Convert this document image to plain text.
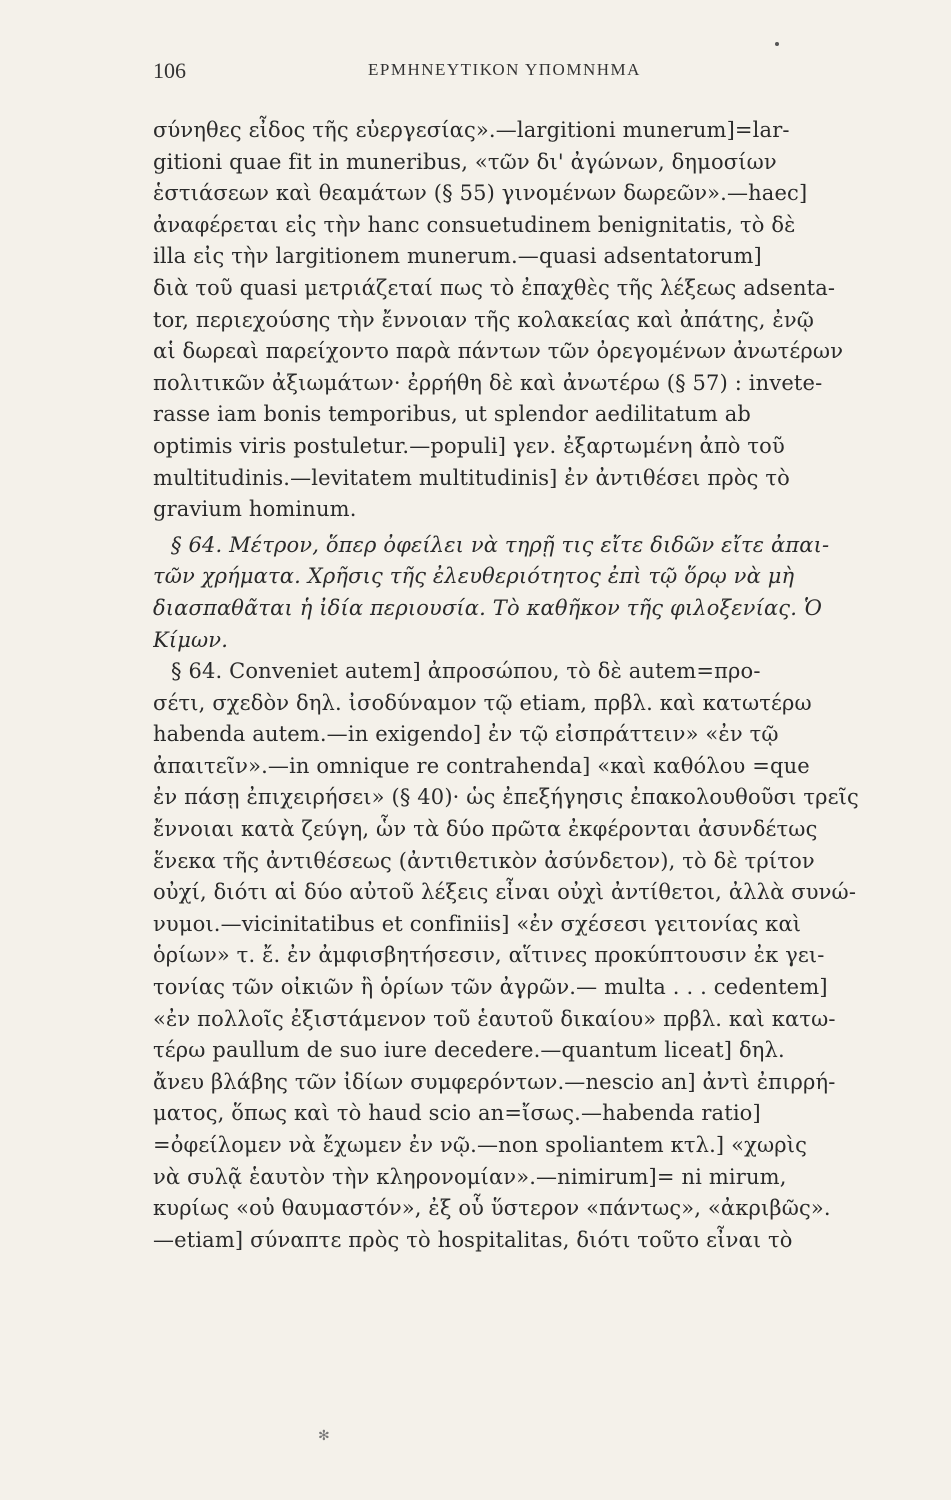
106	ΕΡΜΗΝΕΥΤΙΚΟΝ ΥΠΟΜΝΗΜΑ
σύνηθες εἶδος τῆς εὐεργεσίας».—largitioni munerum]=lar-
gitioni quae fit in muneribus, «τῶν δι' ἀγώνων, δημοσίων
ἑστιάσεων καὶ θεαμάτων (§ 55) γινομένων δωρεῶν».—haec]
ἀναφέρεται εἰς τὴν hanc consuetudinem benignitatis, τὸ δὲ
illa εἰς τὴν largitionem munerum.—quasi adsentatorum]
διὰ τοῦ quasi μετριάζεταί πως τὸ ἐπαχθὲς τῆς λέξεως adsenta-
tor, περιεχούσης τὴν ἔννοιαν τῆς κολακείας καὶ ἀπάτης, ἐνῷ
αἱ δωρεαὶ παρείχοντο παρὰ πάντων τῶν ὀρεγομένων ἀνωτέρων
πολιτικῶν ἀξιωμάτων· ἐρρήθη δὲ καὶ ἀνωτέρω (§ 57) : invete-
rasse iam bonis temporibus, ut splendor aedilitatum ab
optimis viris postuletur.—populi] γεν. ἐξαρτωμένη ἀπὸ τοῦ
multitudinis.—levitatem multitudinis] ἐν ἀντιθέσει πρὸς τὸ
gravium hominum.
§ 64. Μέτρον, ὅπερ ὀφείλει νὰ τηρῇ τις εἴτε διδῶν εἴτε ἀπαι-
τῶν χρήματα. Χρῆσις τῆς ἐλευθεριότητος ἐπὶ τῷ ὅρῳ νὰ μὴ
διασπαθᾶται ἡ ἰδία περιουσία. Τὸ καθῆκον τῆς φιλοξενίας. Ὁ
Κίμων.
§ 64. Conveniet autem] ἀπροσώπου, τὸ δὲ autem=προ-
σέτι, σχεδὸν δηλ. ἰσοδύναμον τῷ etiam, πρβλ. καὶ κατωτέρω
habenda autem.—in exigendo] ἐν τῷ εἰσπράττειν» «ἐν τῷ
ἀπαιτεῖν».—in omnique re contrahenda] «καὶ καθόλου =que
ἐν πάσῃ ἐπιχειρήσει» (§ 40)· ὡς ἐπεξήγησις ἐπακολουθοῦσι τρεῖς
ἔννοιαι κατὰ ζεύγη, ὧν τὰ δύο πρῶτα ἐκφέρονται ἀσυνδέτως
ἕνεκα τῆς ἀντιθέσεως (ἀντιθετικὸν ἀσύνδετον), τὸ δὲ τρίτον
οὐχί, διότι αἱ δύο αὐτοῦ λέξεις εἶναι οὐχὶ ἀντίθετοι, ἀλλὰ συνώ-
νυμοι.—vicinitatibus et confiniis] «ἐν σχέσεσι γειτονίας καὶ
ὁρίων» τ. ἔ. ἐν ἀμφισβητήσεσιν, αἵτινες προκύπτουσιν ἐκ γει-
τονίας τῶν οἰκιῶν ἢ ὁρίων τῶν ἀγρῶν.— multa . . . cedentem]
«ἐν πολλοῖς ἐξιστάμενον τοῦ ἑαυτοῦ δικαίου» πρβλ. καὶ κατω-
τέρω paullum de suo iure decedere.—quantum liceat] δηλ.
ἄνευ βλάβης τῶν ἰδίων συμφερόντων.—nescio an] ἀντὶ ἐπιρρή-
ματος, ὅπως καὶ τὸ haud scio an=ἴσως.—habenda ratio]
=ὀφείλομεν νὰ ἔχωμεν ἐν νῷ.—non spoliantem κτλ.] «χωρὶς
νὰ συλᾷ ἑαυτὸν τὴν κληρονομίαν».—nimirum]= ni mirum,
κυρίως «οὐ θαυμαστόν», ἐξ οὗ ὕστερον «πάντως», «ἀκριβῶς».
—etiam] σύναπτε πρὸς τὸ hospitalitas, διότι τοῦτο εἶναι τὸ
✻
